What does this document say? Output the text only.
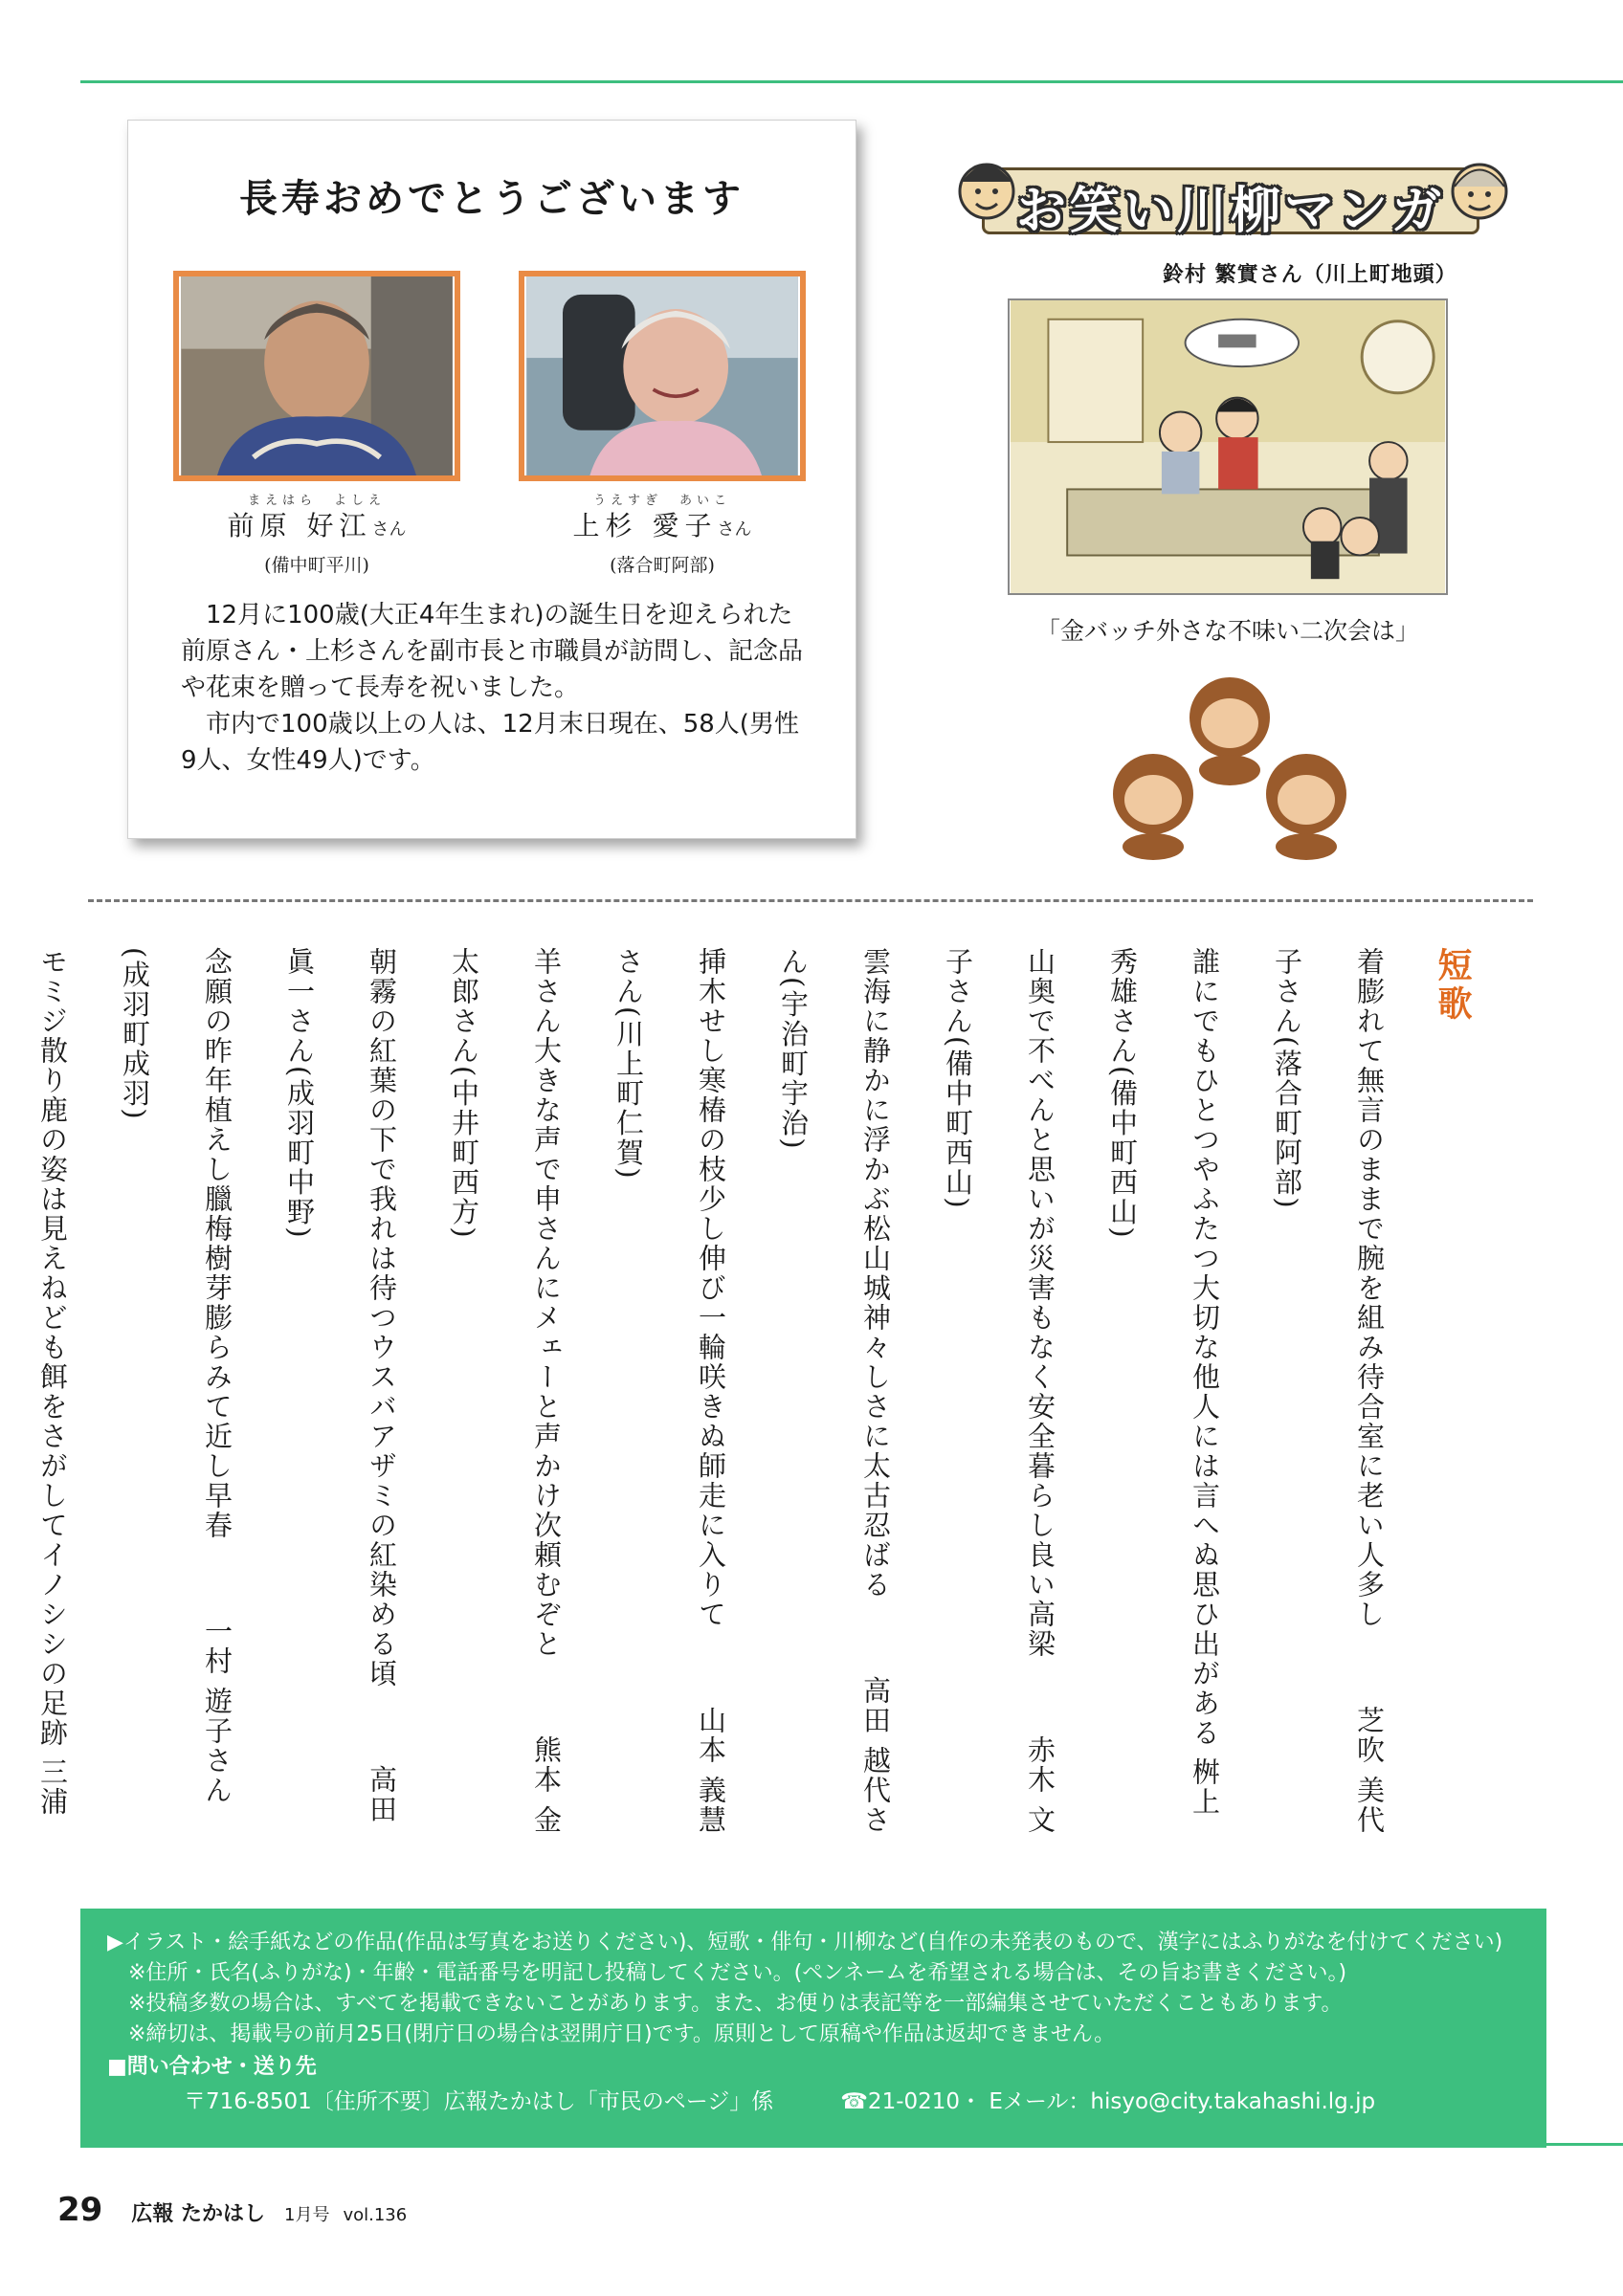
長寿おめでとうございます
まえはら　よしえ
前原 好江さん
(備中町平川)
うえすぎ　あいこ
上杉 愛子さん
(落合町阿部)

12月に100歳(大正4年生まれ)の誕生日を迎えられた前原さん・上杉さんを副市長と市職員が訪問し、記念品や花束を贈って長寿を祝いました。

市内で100歳以上の人は、12月末日現在、58人(男性9人、女性49人)です。

お笑い川柳マンガ
鈴村 繁實さん（川上町地頭）
「金バッチ外さな不味い二次会は」
短歌
着膨れて無言のままで腕を組み待合室に老い人多し芝吹 美代子さん(落合町阿部)
誰にでもひとつやふたつ大切な他人には言へぬ思ひ出がある桝上 秀雄さん(備中町西山)
山奥で不べんと思いが災害もなく安全暮らし良い高梁赤木 文子さん(備中町西山)
雲海に静かに浮かぶ松山城神々しさに太古忍ばる高田 越代さん(宇治町宇治)
挿木せし寒椿の枝少し伸び一輪咲きぬ師走に入りて山本 義慧さん(川上町仁賀)
羊さん大きな声で申さんにメェーと声かけ次頼むぞと熊本 金太郎さん(中井町西方)
朝霧の紅葉の下で我れは待つウスバアザミの紅染める頃高田 眞一さん(成羽町中野)
念願の昨年植えし臘梅樹芽膨らみて近し早春一村 遊子さん(成羽町成羽)
モミジ散り鹿の姿は見えねども餌をさがしてイノシシの足跡三浦
▶イラスト・絵手紙などの作品(作品は写真をお送りください)、短歌・俳句・川柳など(自作の未発表のもので、漢字にはふりがなを付けてください)
※住所・氏名(ふりがな)・年齢・電話番号を明記し投稿してください。(ペンネームを希望される場合は、その旨お書きください。)
※投稿多数の場合は、すべてを掲載できないことがあります。また、お便りは表記等を一部編集させていただくこともあります。
※締切は、掲載号の前月25日(閉庁日の場合は翌開庁日)です。原則として原稿や作品は返却できません。
■問い合わせ・送り先
〒716-8501〔住所不要〕広報たかはし「市民のページ」係	☎21-0210・ Eメール：hisyo@city.takahashi.lg.jp
29 広報 たかはし 1月号 vol.136
